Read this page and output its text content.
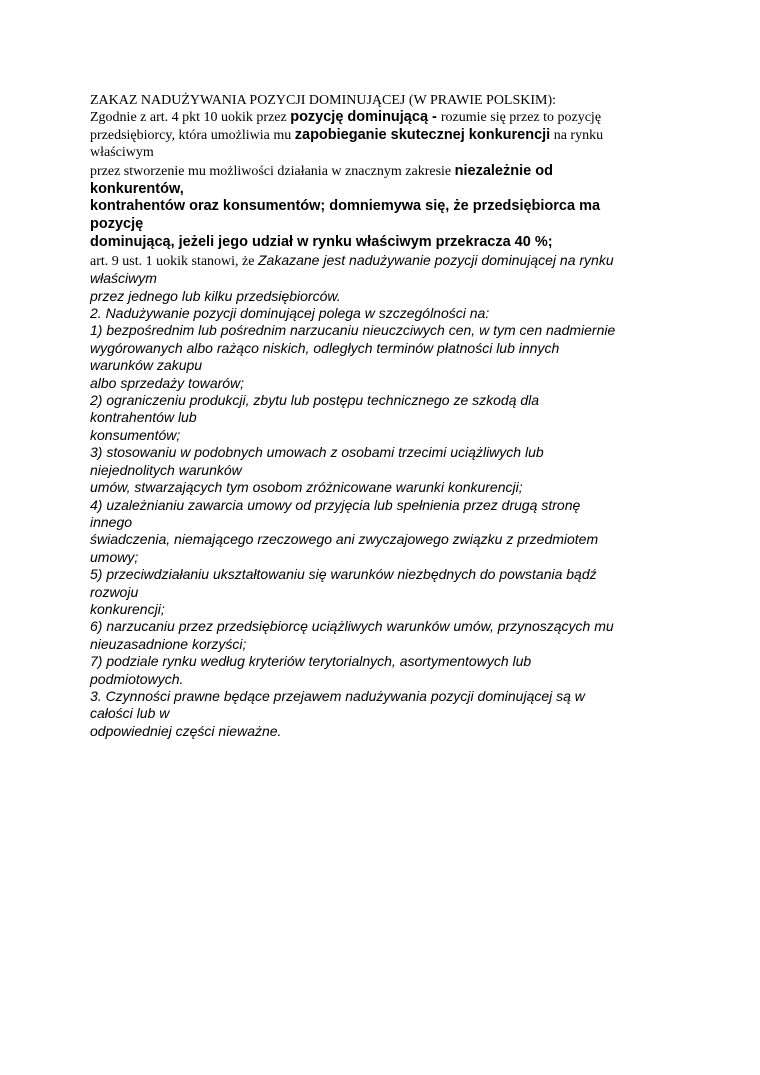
ZAKAZ NADUŻYWANIA POZYCJI DOMINUJĄCEJ (W PRAWIE POLSKIM):

Zgodnie z art. 4 pkt 10 uokik przez pozycję dominującą - rozumie się przez to pozycję

przedsiębiorcy, która umożliwia mu zapobieganie skutecznej konkurencji na rynku

właściwym

przez stworzenie mu możliwości działania w znacznym zakresie niezależnie od

konkurentów,

kontrahentów oraz konsumentów; domniemywa się, że przedsiębiorca ma

pozycję

dominującą, jeżeli jego udział w rynku właściwym przekracza 40 %;

art. 9 ust. 1 uokik stanowi, że Zakazane jest nadużywanie pozycji dominującej na rynku

właściwym

przez jednego lub kilku przedsiębiorców.

2. Nadużywanie pozycji dominującej polega w szczególności na:

1) bezpośrednim lub pośrednim narzucaniu nieuczciwych cen, w tym cen nadmiernie

wygórowanych albo rażąco niskich, odległych terminów płatności lub innych

warunków zakupu

albo sprzedaży towarów;

2) ograniczeniu produkcji, zbytu lub postępu technicznego ze szkodą dla

kontrahentów lub

konsumentów;

3) stosowaniu w podobnych umowach z osobami trzecimi uciążliwych lub

niejednolitych warunków

umów, stwarzających tym osobom zróżnicowane warunki konkurencji;

4) uzależnianiu zawarcia umowy od przyjęcia lub spełnienia przez drugą stronę

innego

świadczenia, niemającego rzeczowego ani zwyczajowego związku z przedmiotem

umowy;

5) przeciwdziałaniu ukształtowaniu się warunków niezbędnych do powstania bądź

rozwoju

konkurencji;

6) narzucaniu przez przedsiębiorcę uciążliwych warunków umów, przynoszących mu

nieuzasadnione korzyści;

7) podziale rynku według kryteriów terytorialnych, asortymentowych lub

podmiotowych.

3. Czynności prawne będące przejawem nadużywania pozycji dominującej są w

całości lub w

odpowiedniej części nieważne.
